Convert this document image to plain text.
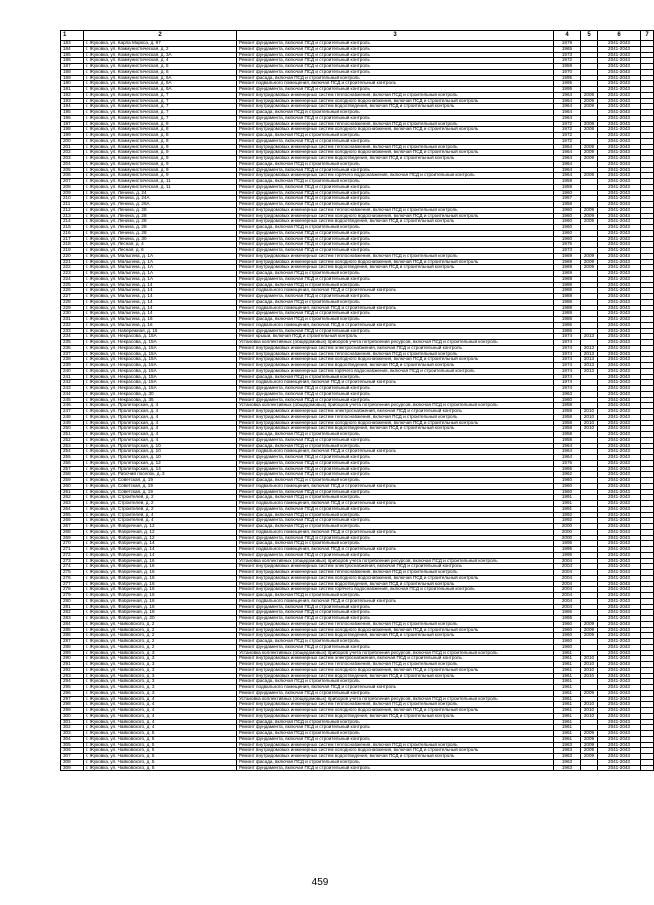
1	2	3	4	5	6	7
183	г. Жуковка, ул. Карла Маркса, д. 97	Ремонт фундамента, включая ПСД и строительный контроль	1979		2041-2043	
184	г. Жуковка, ул. Коммунистическая, д. 2	Ремонт фундамента, включая ПСД и строительный контроль	1965		2041-2043	
185	г. Жуковка, ул. Коммунистическая, д. 3А	Ремонт фундамента, включая ПСД и строительный контроль	1973		2041-2043	
186	г. Жуковка, ул. Коммунистическая, д. 4	Ремонт фундамента, включая ПСД и строительный контроль	1972		2041-2043	
187	г. Жуковка, ул. Коммунистическая, д. 5	Ремонт фундамента, включая ПСД и строительный контроль	1959		2041-2043	
188	г. Жуковка, ул. Коммунистическая, д. 6	Ремонт фундамента, включая ПСД и строительный контроль	1970		2041-2043	
189	г. Жуковка, ул. Коммунистическая, д. 6А	Ремонт фасада, включая ПСД и строительный контроль	1995		2041-2043	
190	г. Жуковка, ул. Коммунистическая, д. 6А	Ремонт подвального помещения, включая ПСД и строительный контроль	1995		2041-2043	
191	г. Жуковка, ул. Коммунистическая, д. 6А	Ремонт фундамента, включая ПСД и строительный контроль	1995		2041-2043	
192	г. Жуковка, ул. Коммунистическая, д. 7	Ремонт внутридомовых инженерных систем теплоснабжения, включая ПСД и строительный контроль	1964	2009	2041-2043	
193	г. Жуковка, ул. Коммунистическая, д. 7	Ремонт внутридомовых инженерных систем холодного водоснабжения, включая ПСД и строительный контроль	1964	2009	2041-2043	
194	г. Жуковка, ул. Коммунистическая, д. 7	Ремонт внутридомовых инженерных систем водоотведения, включая ПСД и строительный контроль	1964	2009	2041-2043	
195	г. Жуковка, ул. Коммунистическая, д. 7	Ремонт фасада, включая ПСД и строительный контроль	1964		2041-2043	
196	г. Жуковка, ул. Коммунистическая, д. 7	Ремонт фундамента, включая ПСД и строительный контроль	1964		2041-2043	
197	г. Жуковка, ул. Коммунистическая, д. 8	Ремонт внутридомовых инженерных систем теплоснабжения, включая ПСД и строительный контроль	1972	2008	2041-2043	
198	г. Жуковка, ул. Коммунистическая, д. 8	Ремонт внутридомовых инженерных систем холодного водоснабжения, включая ПСД и строительный контроль	1972	2008	2041-2043	
199	г. Жуковка, ул. Коммунистическая, д. 8	Ремонт фасада, включая ПСД и строительный контроль	1972		2041-2043	
200	г. Жуковка, ул. Коммунистическая, д. 8	Ремонт фундамента, включая ПСД и строительный контроль	1972		2041-2043	
201	г. Жуковка, ул. Коммунистическая, д. 9	Ремонт внутридомовых инженерных систем теплоснабжения, включая ПСД и строительный контроль	1964	2009	2041-2043	
202	г. Жуковка, ул. Коммунистическая, д. 9	Ремонт внутридомовых инженерных систем холодного водоснабжения, включая ПСД и строительный контроль	1964	2009	2041-2043	
203	г. Жуковка, ул. Коммунистическая, д. 9	Ремонт внутридомовых инженерных систем водоотведения, включая ПСД и строительный контроль	1964	2009	2041-2043	
204	г. Жуковка, ул. Коммунистическая, д. 9	Ремонт фасада, включая ПСД и строительный контроль	1964		2041-2043	
205	г. Жуковка, ул. Коммунистическая, д. 9	Ремонт фундамента, включая ПСД и строительный контроль	1964		2041-2043	
206	г. Жуковка, ул. Коммунистическая, д. 9	Ремонт внутридомовых инженерных систем горячего водоснабжения, включая ПСД и строительный контроль	1964	2009	2041-2043	
207	г. Жуковка, ул. Коммунистическая, д. 11	Ремонт фасада, включая ПСД и строительный контроль	1959		2041-2043	
208	г. Жуковка, ул. Коммунистическая, д. 11	Ремонт фундамента, включая ПСД и строительный контроль	1959		2041-2043	
209	г. Жуковка, ул. Ленина, д. 24	Ремонт фундамента, включая ПСД и строительный контроль	1960		2041-2043	
210	г. Жуковка, ул. Ленина, д. 24А	Ремонт фундамента, включая ПСД и строительный контроль	1957		2041-2043	
211	г. Жуковка, ул. Ленина, д. 26А	Ремонт фундамента, включая ПСД и строительный контроль	1958		2041-2043	
212	г. Жуковка, ул. Ленина, д. 28	Ремонт внутридомовых инженерных систем теплоснабжения, включая ПСД и строительный контроль	1960	2009	2041-2043	
213	г. Жуковка, ул. Ленина, д. 28	Ремонт внутридомовых инженерных систем холодного водоснабжения, включая ПСД и строительный контроль	1960	2009	2041-2043	
214	г. Жуковка, ул. Ленина, д. 28	Ремонт внутридомовых инженерных систем водоотведения, включая ПСД и строительный контроль	1960	2009	2041-2043	
215	г. Жуковка, ул. Ленина, д. 28	Ремонт фасада, включая ПСД и строительный контроль	1960		2041-2043	
216	г. Жуковка, ул. Ленина, д. 28	Ремонт фундамента, включая ПСД и строительный контроль	1960		2041-2043	
217	г. Жуковка, ул. Ленина, д. 30	Ремонт фундамента, включая ПСД и строительный контроль	1960		2041-2043	
218	г. Жуковка, ул. Лесная, д. 4	Ремонт фундамента, включая ПСД и строительный контроль	1975		2041-2043	
219	г. Жуковка, ул. Лесная, д. 6	Ремонт фундамента, включая ПСД и строительный контроль	1973		2041-2043	
220	г. Жуковка, ул. Малыгина, д. 1А	Ремонт внутридомовых инженерных систем теплоснабжения, включая ПСД и строительный контроль	1969	2009	2041-2043	
221	г. Жуковка, ул. Малыгина, д. 1А	Ремонт внутридомовых инженерных систем холодного водоснабжения, включая ПСД и строительный контроль	1969	2009	2041-2043	
222	г. Жуковка, ул. Малыгина, д. 1А	Ремонт внутридомовых инженерных систем водоотведения, включая ПСД и строительный контроль	1969	2009	2041-2043	
223	г. Жуковка, ул. Малыгина, д. 1А	Ремонт фасада, включая ПСД и строительный контроль	1969		2041-2043	
224	г. Жуковка, ул. Малыгина, д. 1А	Ремонт фундамента, включая ПСД и строительный контроль	1969		2041-2043	
225	г. Жуковка, ул. Малыгина, д. 14	Ремонт фасада, включая ПСД и строительный контроль	1988		2041-2043	
226	г. Жуковка, ул. Малыгина, д. 14	Ремонт подвального помещения, включая ПСД и строительный контроль	1988		2041-2043	
227	г. Жуковка, ул. Малыгина, д. 14	Ремонт фундамента, включая ПСД и строительный контроль	1988		2041-2043	
228	г. Жуковка, ул. Малыгина, д. 14	Ремонт фасада, включая ПСД и строительный контроль	1988		2041-2043	
229	г. Жуковка, ул. Малыгина, д. 14	Ремонт подвального помещения, включая ПСД и строительный контроль	1988		2041-2043	
230	г. Жуковка, ул. Малыгина, д. 14	Ремонт фундамента, включая ПСД и строительный контроль	1988		2041-2043	
231	г. Жуковка, ул. Малыгина, д. 16	Ремонт фасада, включая ПСД и строительный контроль	1986		2041-2043	
232	г. Жуковка, ул. Малыгина, д. 16	Ремонт подвального помещения, включая ПСД и строительный контроль	1986		2041-2043	
233	г. Жуковка, ул. Набережная, д. 15	Ремонт фундамента, включая ПСД и строительный контроль	1986		2041-2043	
234	г. Жуковка, ул. Некрасова, д. 15А	Ремонт крыши, включая ПСД и строительный контроль	1974	2013	2041-2043	
235	г. Жуковка, ул. Некрасова, д. 15А	Установка коллективных (общедомовых) приборов учета потребления ресурсов, включая ПСД и строительный контроль	1974		2041-2043	
236	г. Жуковка, ул. Некрасова, д. 15А	Ремонт внутридомовых инженерных систем электроснабжения, включая ПСД и строительный контроль	1974	2013	2041-2043	
237	г. Жуковка, ул. Некрасова, д. 15А	Ремонт внутридомовых инженерных систем теплоснабжения, включая ПСД и строительный контроль	1974	2013	2041-2043	
238	г. Жуковка, ул. Некрасова, д. 15А	Ремонт внутридомовых инженерных систем холодного водоснабжения, включая ПСД и строительный контроль	1974	2013	2041-2043	
239	г. Жуковка, ул. Некрасова, д. 15А	Ремонт внутридомовых инженерных систем водоотведения, включая ПСД и строительный контроль	1974	2013	2041-2043	
240	г. Жуковка, ул. Некрасова, д. 15А	Ремонт внутридомовых инженерных систем горячего водоснабжения, включая ПСД и строительный контроль	1974	2013	2041-2043	
241	г. Жуковка, ул. Некрасова, д. 15А	Ремонт фасада, включая ПСД и строительный контроль	1974		2041-2043	
242	г. Жуковка, ул. Некрасова, д. 15А	Ремонт подвального помещения, включая ПСД и строительный контроль	1974		2041-2043	
243	г. Жуковка, ул. Некрасова, д. 15А	Ремонт фундамента, включая ПСД и строительный контроль	1974		2041-2043	
244	г. Жуковка, ул. Некрасова, д. 30	Ремонт фундамента, включая ПСД и строительный контроль	1963		2041-2043	
245	г. Жуковка, ул. Некрасова, д. 35	Ремонт фундамента, включая ПСД и строительный контроль	1960		2041-2043	
246	г. Жуковка, ул. Пролетарская, д. 4	Установка коллективных (общедомовых) приборов учета потребления ресурсов, включая ПСД и строительный контроль	1958		2041-2043	
247	г. Жуковка, ул. Пролетарская, д. 4	Ремонт внутридомовых инженерных систем электроснабжения, включая ПСД и строительный контроль	1958	2010	2041-2043	
248	г. Жуковка, ул. Пролетарская, д. 4	Ремонт внутридомовых инженерных систем теплоснабжения, включая ПСД и строительный контроль	1958	2010	2041-2043	
249	г. Жуковка, ул. Пролетарская, д. 4	Ремонт внутридомовых инженерных систем холодного водоснабжения, включая ПСД и строительный контроль	1958	2010	2041-2043	
250	г. Жуковка, ул. Пролетарская, д. 4	Ремонт внутридомовых инженерных систем водоотведения, включая ПСД и строительный контроль	1958	2010	2041-2043	
251	г. Жуковка, ул. Пролетарская, д. 4	Ремонт фасада, включая ПСД и строительный контроль	1958		2041-2043	
252	г. Жуковка, ул. Пролетарская, д. 4	Ремонт фундамента, включая ПСД и строительный контроль	1958		2041-2043	
253	г. Жуковка, ул. Пролетарская, д. 10	Ремонт фасада, включая ПСД и строительный контроль	1964		2041-2043	
254	г. Жуковка, ул. Пролетарская, д. 10	Ремонт подвального помещения, включая ПСД и строительный контроль	1964		2041-2043	
255	г. Жуковка, ул. Пролетарская, д. 10	Ремонт фундамента, включая ПСД и строительный контроль	1964		2041-2043	
256	г. Жуковка, ул. Пролетарская, д. 12	Ремонт фундамента, включая ПСД и строительный контроль	1975		2041-2043	
257	г. Жуковка, ул. Пролетарская, д. 14	Ремонт фундамента, включая ПСД и строительный контроль	1965		2041-2043	
258	г. Жуковка, ул. Рабочий поселок, д. 3	Ремонт фундамента, включая ПСД и строительный контроль	1962		2041-2043	
259	г. Жуковка, ул. Советская, д. 19	Ремонт фасада, включая ПСД и строительный контроль	1960		2041-2043	
260	г. Жуковка, ул. Советская, д. 19	Ремонт подвального помещения, включая ПСД и строительный контроль	1960		2041-2043	
261	г. Жуковка, ул. Советская, д. 19	Ремонт фундамента, включая ПСД и строительный контроль	1960		2041-2043	
262	г. Жуковка, ул. Строителей, д. 2	Ремонт фасада, включая ПСД и строительный контроль	1991		2041-2043	
263	г. Жуковка, ул. Строителей, д. 2	Ремонт подвального помещения, включая ПСД и строительный контроль	1991		2041-2043	
264	г. Жуковка, ул. Строителей, д. 2	Ремонт фундамента, включая ПСД и строительный контроль	1991		2041-2043	
265	г. Жуковка, ул. Строителей, д. 4	Ремонт фасада, включая ПСД и строительный контроль	1992		2041-2043	
266	г. Жуковка, ул. Строителей, д. 4	Ремонт фундамента, включая ПСД и строительный контроль	1992		2041-2043	
267	г. Жуковка, ул. Фабричная, д. 12	Ремонт фасада, включая ПСД и строительный контроль	2000		2041-2043	
268	г. Жуковка, ул. Фабричная, д. 12	Ремонт подвального помещения, включая ПСД и строительный контроль	2000		2041-2043	
269	г. Жуковка, ул. Фабричная, д. 12	Ремонт фундамента, включая ПСД и строительный контроль	2000		2041-2043	
270	г. Жуковка, ул. Фабричная, д. 14	Ремонт фасада, включая ПСД и строительный контроль	1995		2041-2043	
271	г. Жуковка, ул. Фабричная, д. 14	Ремонт подвального помещения, включая ПСД и строительный контроль	1995		2041-2043	
272	г. Жуковка, ул. Фабричная, д. 14	Ремонт фундамента, включая ПСД и строительный контроль	1995		2041-2043	
273	г. Жуковка, ул. Фабричная, д. 16	Установка коллективных (общедомовых) приборов учета потребления ресурсов, включая ПСД и строительный контроль	2004		2041-2043	
274	г. Жуковка, ул. Фабричная, д. 16	Ремонт внутридомовых инженерных систем электроснабжения, включая ПСД и строительный контроль	2004		2041-2043	
275	г. Жуковка, ул. Фабричная, д. 16	Ремонт внутридомовых инженерных систем теплоснабжения, включая ПСД и строительный контроль	2004		2041-2043	
276	г. Жуковка, ул. Фабричная, д. 16	Ремонт внутридомовых инженерных систем холодного водоснабжения, включая ПСД и строительный контроль	2004		2041-2043	
277	г. Жуковка, ул. Фабричная, д. 16	Ремонт внутридомовых инженерных систем водоотведения, включая ПСД и строительный контроль	2004		2041-2043	
278	г. Жуковка, ул. Фабричная, д. 16	Ремонт внутридомовых инженерных систем горячего водоснабжения, включая ПСД и строительный контроль	2004		2041-2043	
279	г. Жуковка, ул. Фабричная, д. 16	Ремонт фасада, включая ПСД и строительный контроль	2004		2041-2043	
280	г. Жуковка, ул. Фабричная, д. 16	Ремонт подвального помещения, включая ПСД и строительный контроль	2004		2041-2043	
281	г. Жуковка, ул. Фабричная, д. 16	Ремонт фундамента, включая ПСД и строительный контроль	2004		2041-2043	
282	г. Жуковка, ул. Фабричная, д. 18	Ремонт фундамента, включая ПСД и строительный контроль	1986		2041-2043	
283	г. Жуковка, ул. Фабричная, д. 20	Ремонт фундамента, включая ПСД и строительный контроль	1986		2041-2043	
284	г. Жуковка, ул. Чайковского, д. 2	Ремонт внутридомовых инженерных систем теплоснабжения, включая ПСД и строительный контроль	1960	2009	2041-2043	
285	г. Жуковка, ул. Чайковского, д. 2	Ремонт внутридомовых инженерных систем холодного водоснабжения, включая ПСД и строительный контроль	1960	2009	2041-2043	
286	г. Жуковка, ул. Чайковского, д. 2	Ремонт внутридомовых инженерных систем водоотведения, включая ПСД и строительный контроль	1960	2009	2041-2043	
287	г. Жуковка, ул. Чайковского, д. 2	Ремонт фасада, включая ПСД и строительный контроль	1960		2041-2043	
288	г. Жуковка, ул. Чайковского, д. 2	Ремонт фундамента, включая ПСД и строительный контроль	1960		2041-2043	
289	г. Жуковка, ул. Чайковского, д. 3	Установка коллективных (общедомовых) приборов учета потребления ресурсов, включая ПСД и строительный контроль	1961		2041-2043	
290	г. Жуковка, ул. Чайковского, д. 3	Ремонт внутридомовых инженерных систем электроснабжения, включая ПСД и строительный контроль	1961	2010	2041-2043	
291	г. Жуковка, ул. Чайковского, д. 3	Ремонт внутридомовых инженерных систем теплоснабжения, включая ПСД и строительный контроль	1961	2010	2041-2043	
292	г. Жуковка, ул. Чайковского, д. 3	Ремонт внутридомовых инженерных систем холодного водоснабжения, включая ПСД и строительный контроль	1961	2010	2041-2043	
293	г. Жуковка, ул. Чайковского, д. 3	Ремонт внутридомовых инженерных систем водоотведения, включая ПСД и строительный контроль	1961	2010	2041-2043	
294	г. Жуковка, ул. Чайковского, д. 3	Ремонт фасада, включая ПСД и строительный контроль	1961		2041-2043	
295	г. Жуковка, ул. Чайковского, д. 3	Ремонт подвального помещения, включая ПСД и строительный контроль	1961		2041-2043	
296	г. Жуковка, ул. Чайковского, д. 3	Ремонт фундамента, включая ПСД и строительный контроль	1961	2009	2041-2043	
297	г. Жуковка, ул. Чайковского, д. 4	Установка коллективных (общедомовых) приборов учета потребления ресурсов, включая ПСД и строительный контроль	1961		2041-2043	
298	г. Жуковка, ул. Чайковского, д. 4	Ремонт внутридомовых инженерных систем теплоснабжения, включая ПСД и строительный контроль	1961	2010	2041-2043	
299	г. Жуковка, ул. Чайковского, д. 4	Ремонт внутридомовых инженерных систем холодного водоснабжения, включая ПСД и строительный контроль	1961	2010	2041-2043	
300	г. Жуковка, ул. Чайковского, д. 4	Ремонт внутридомовых инженерных систем водоотведения, включая ПСД и строительный контроль	1961	2010	2041-2043	
301	г. Жуковка, ул. Чайковского, д. 4	Ремонт фасада, включая ПСД и строительный контроль	1961		2041-2043	
302	г. Жуковка, ул. Чайковского, д. 4	Ремонт фундамента, включая ПСД и строительный контроль	1961		2041-2043	
303	г. Жуковка, ул. Чайковского, д. 5	Ремонт фасада, включая ПСД и строительный контроль	1961	2009	2041-2043	
304	г. Жуковка, ул. Чайковского, д. 5	Ремонт фундамента, включая ПСД и строительный контроль	1961	2009	2041-2043	
305	г. Жуковка, ул. Чайковского, д. 5	Ремонт внутридомовых инженерных систем теплоснабжения, включая ПСД и строительный контроль	1963	2009	2041-2043	
306	г. Жуковка, ул. Чайковского, д. 5	Ремонт внутридомовых инженерных систем холодного водоснабжения, включая ПСД и строительный контроль	1963	2009	2041-2043	
307	г. Жуковка, ул. Чайковского, д. 5	Ремонт внутридомовых инженерных систем водоотведения, включая ПСД и строительный контроль	1963	2009	2041-2043	
308	г. Жуковка, ул. Чайковского, д. 5	Ремонт фасада, включая ПСД и строительный контроль	1963		2041-2043	
309	г. Жуковка, ул. Чайковского, д. 5	Ремонт фундамента, включая ПСД и строительный контроль	1963		2041-2043	
459
